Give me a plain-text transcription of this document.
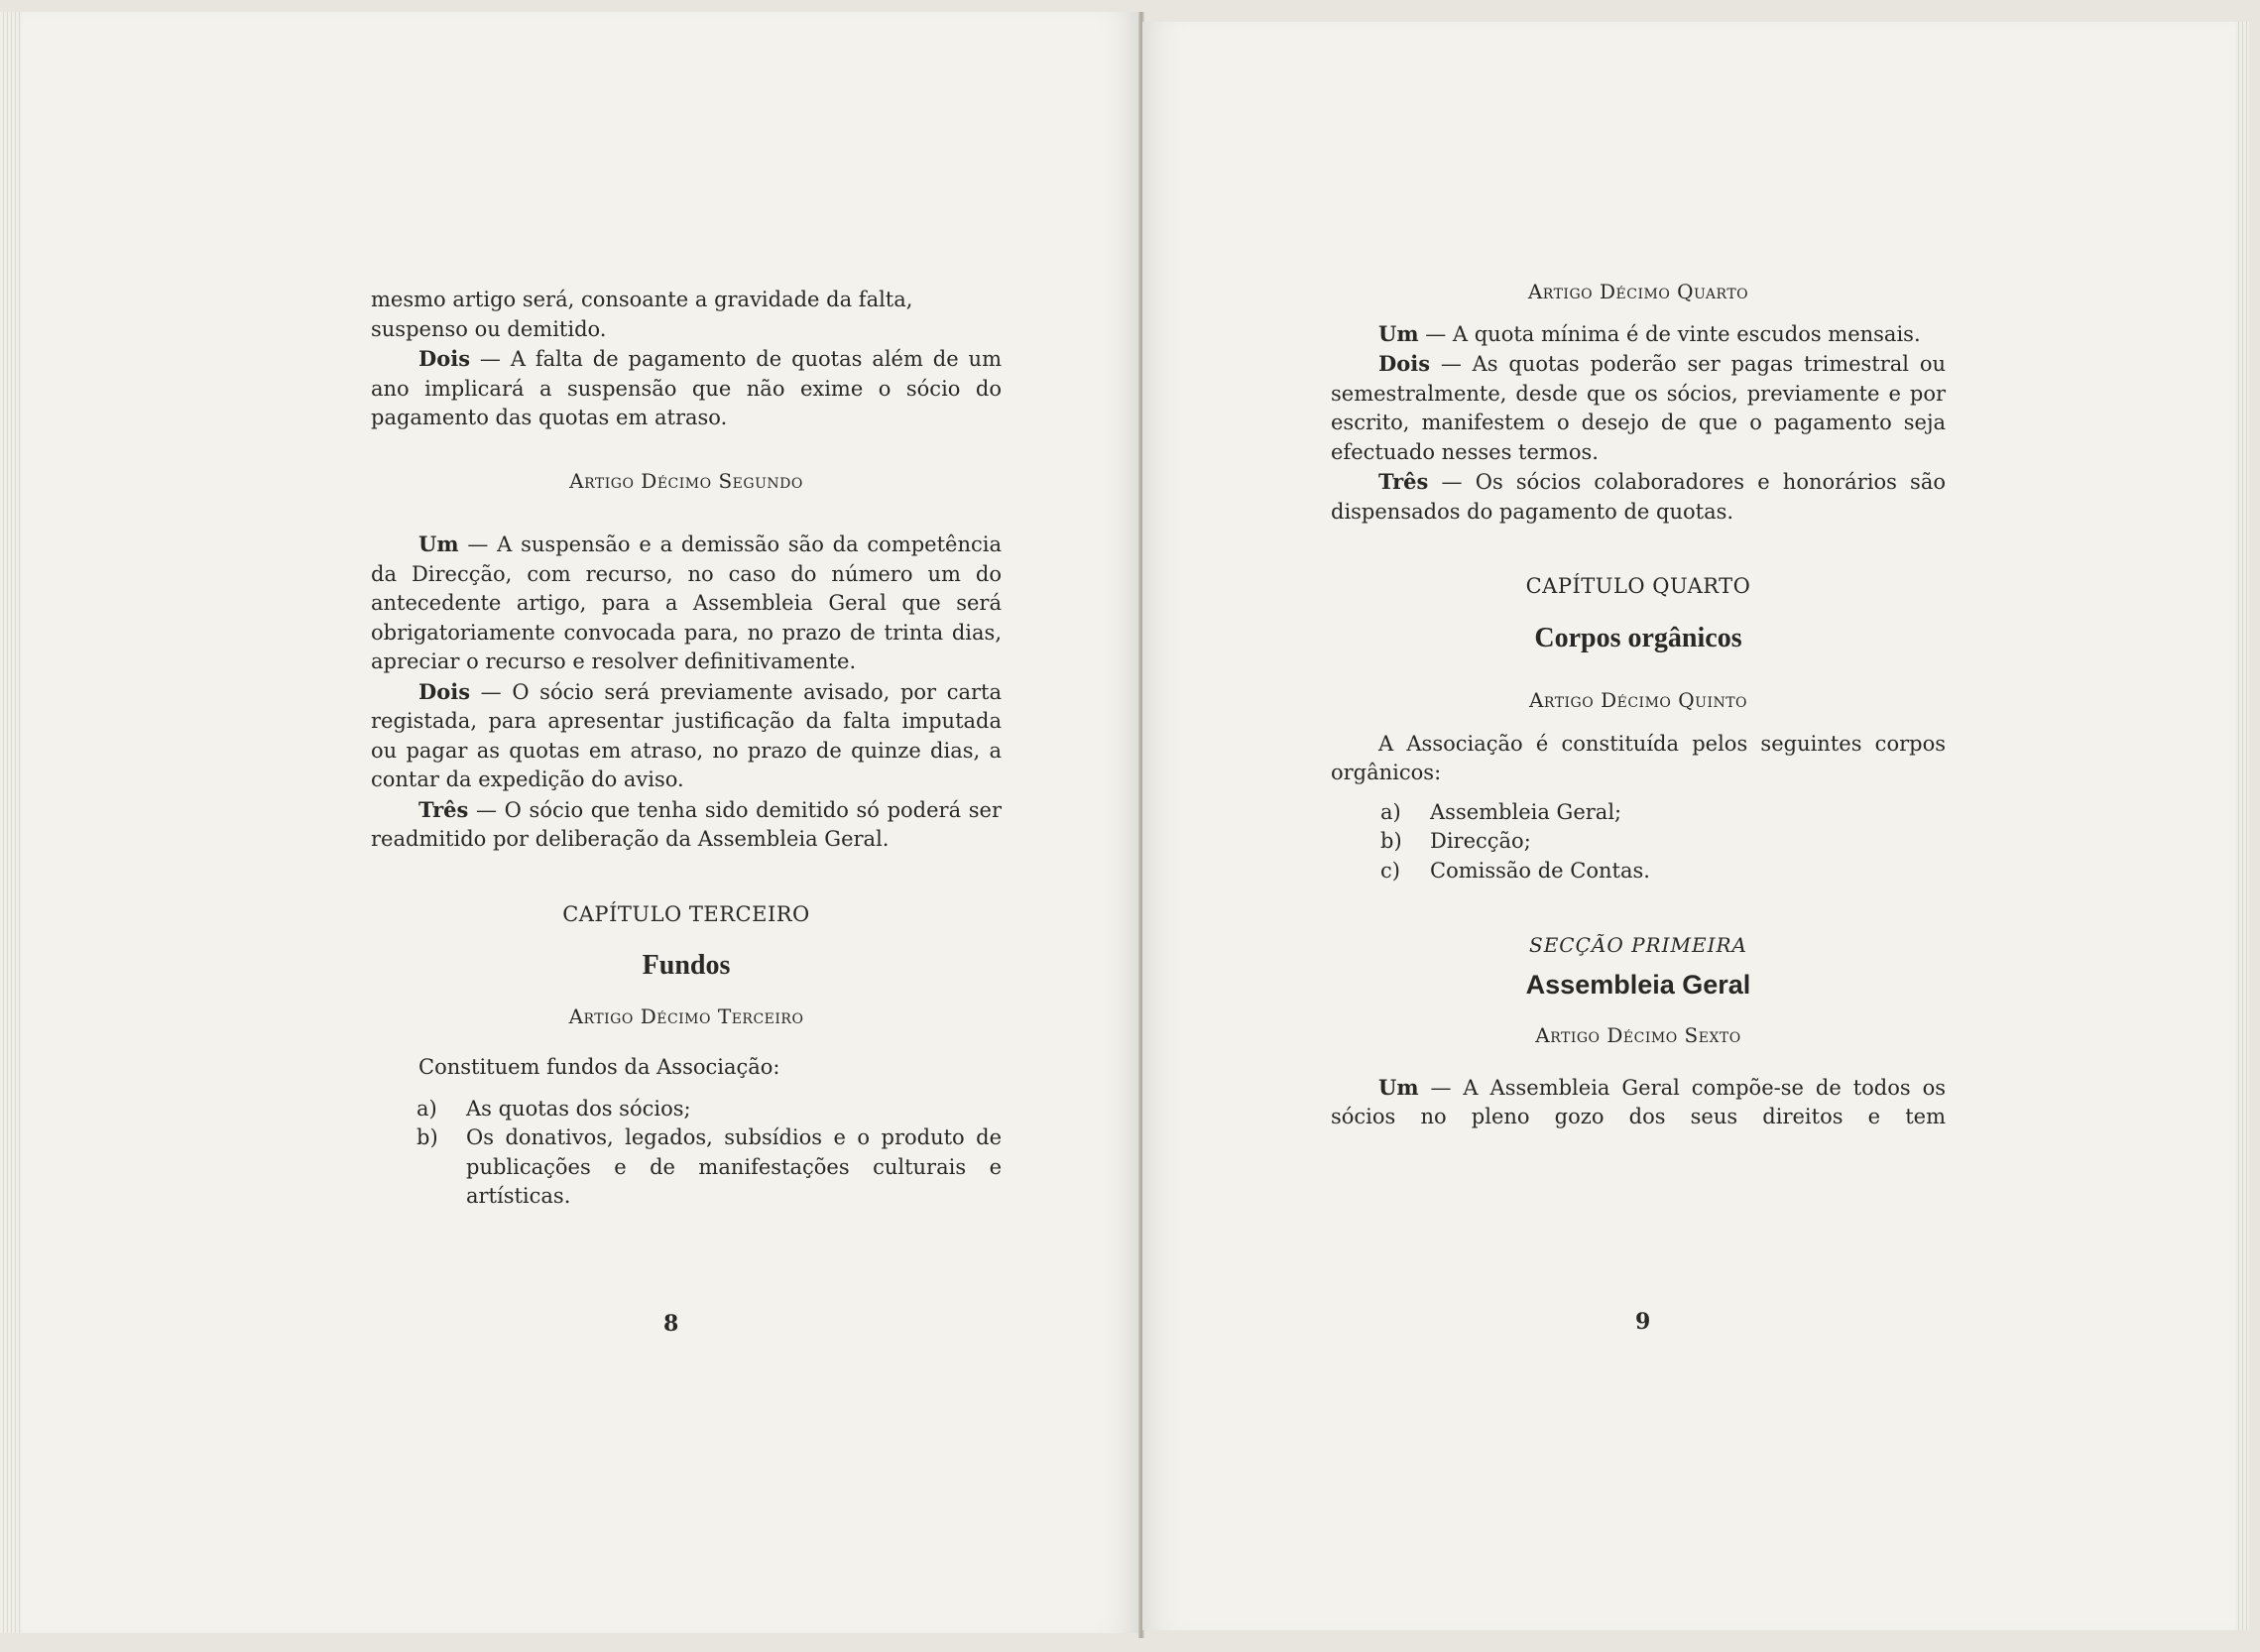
mesmo artigo será, consoante a gravidade da falta, suspenso ou demitido.

Dois — A falta de pagamento de quotas além de um ano implicará a suspensão que não exime o sócio do pagamento das quotas em atraso.

Artigo Décimo Segundo

Um — A suspensão e a demissão são da competência da Direcção, com recurso, no caso do número um do antecedente artigo, para a Assembleia Geral que será obrigatoriamente convocada para, no prazo de trinta dias, apreciar o recurso e resolver definitivamente.

Dois — O sócio será previamente avisado, por carta registada, para apresentar justificação da falta imputada ou pagar as quotas em atraso, no prazo de quinze dias, a contar da expedição do aviso.

Três — O sócio que tenha sido demitido só poderá ser readmitido por deliberação da Assembleia Geral.

CAPÍTULO TERCEIRO

Fundos

Artigo Décimo Terceiro

Constituem fundos da Associação:

a)	As quotas dos sócios;
b)	Os donativos, legados, subsídios e o produto de publicações e de manifestações culturais e artísticas.
8

Artigo Décimo Quarto

Um — A quota mínima é de vinte escudos mensais.

Dois — As quotas poderão ser pagas trimestral ou semestralmente, desde que os sócios, previamente e por escrito, manifestem o desejo de que o pagamento seja efectuado nesses termos.

Três — Os sócios colaboradores e honorários são dispensados do pagamento de quotas.

CAPÍTULO QUARTO

Corpos orgânicos

Artigo Décimo Quinto

A Associação é constituída pelos seguintes corpos orgânicos:

a)	Assembleia Geral;
b)	Direcção;
c)	Comissão de Contas.

SECÇÃO PRIMEIRA

Assembleia Geral

Artigo Décimo Sexto

Um — A Assembleia Geral compõe-se de todos os sócios no pleno gozo dos seus direitos e tem

9
